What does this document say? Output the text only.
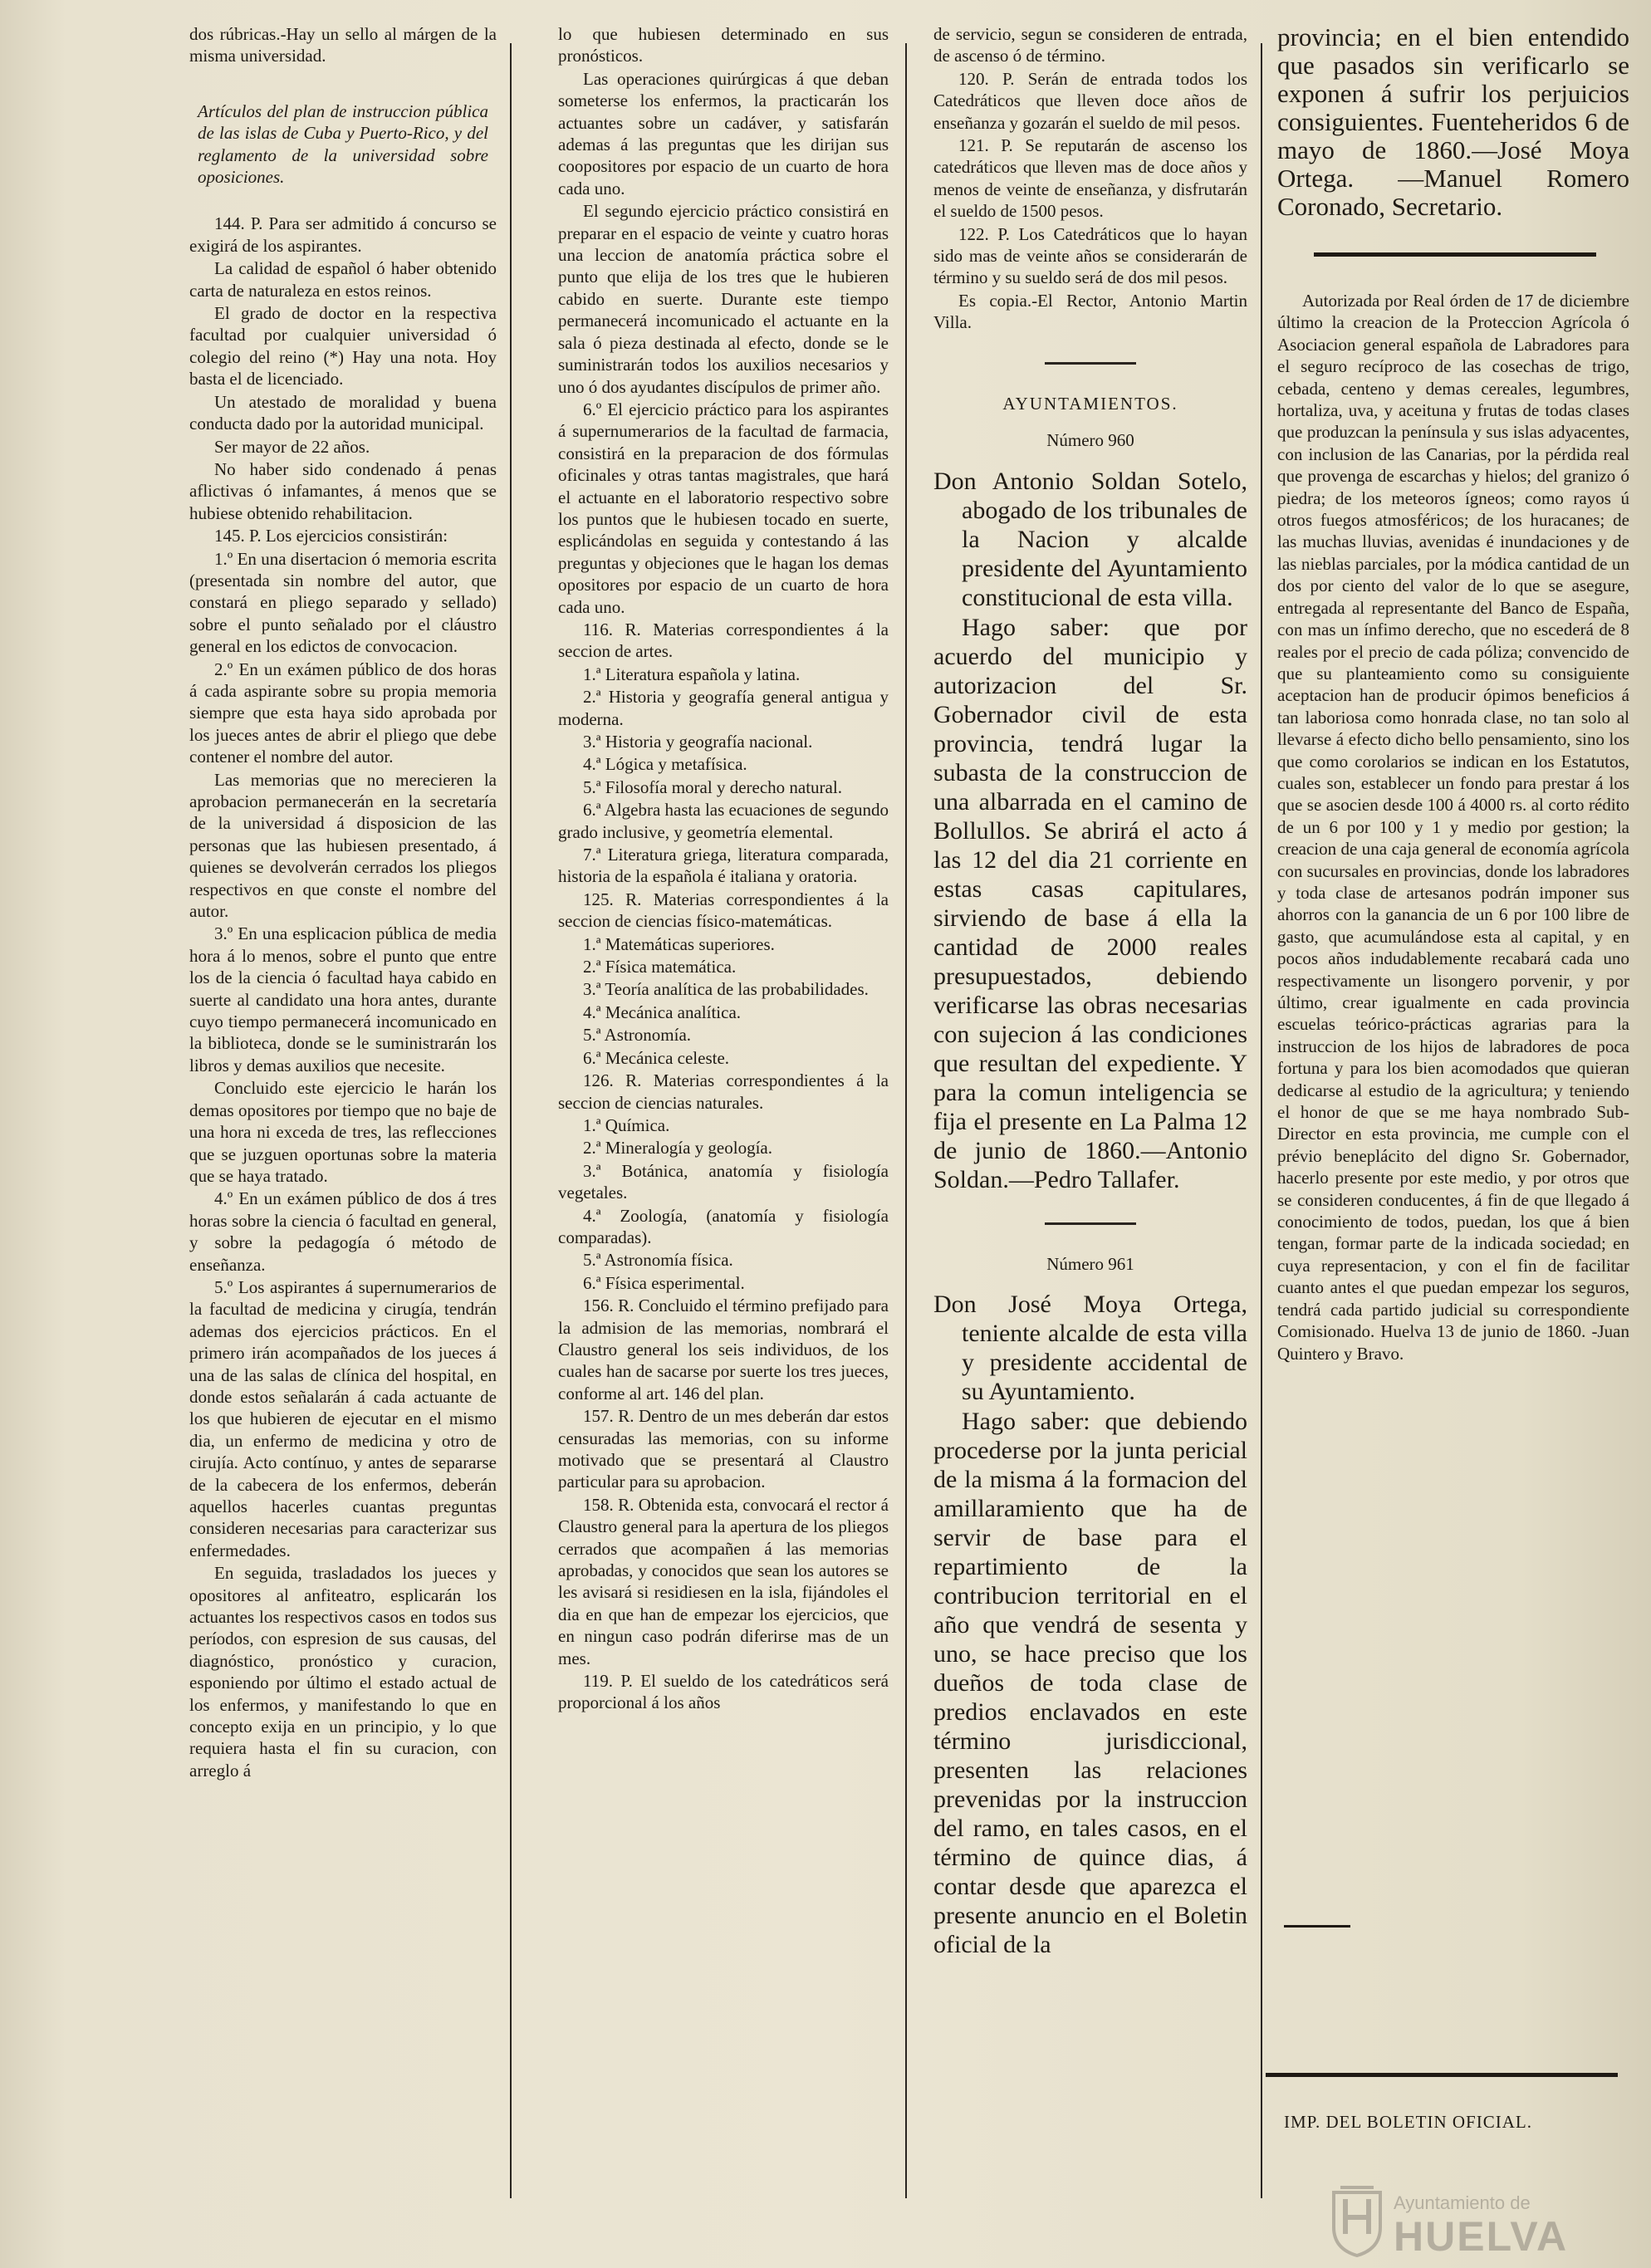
dos rúbricas.-Hay un sello al márgen de la misma universidad.

Artículos del plan de instruccion pública de las islas de Cuba y Puerto-Rico, y del reglamento de la universidad sobre oposiciones.

144. P. Para ser admitido á concurso se exigirá de los aspirantes.

La calidad de español ó haber obtenido carta de naturaleza en estos reinos.

El grado de doctor en la respectiva facultad por cualquier universidad ó colegio del reino (*) Hay una nota. Hoy basta el de licenciado.

Un atestado de moralidad y buena conducta dado por la autoridad municipal.

Ser mayor de 22 años.

No haber sido condenado á penas aflictivas ó infamantes, á menos que se hubiese obtenido rehabilitacion.

145. P. Los ejercicios consistirán:

1.º En una disertacion ó memoria escrita (presentada sin nombre del autor, que constará en pliego separado y sellado) sobre el punto señalado por el cláustro general en los edictos de convocacion.

2.º En un exámen público de dos horas á cada aspirante sobre su propia memoria siempre que esta haya sido aprobada por los jueces antes de abrir el pliego que debe contener el nombre del autor.

Las memorias que no merecieren la aprobacion permanecerán en la secretaría de la universidad á disposicion de las personas que las hubiesen presentado, á quienes se devolverán cerrados los pliegos respectivos en que conste el nombre del autor.

3.º En una esplicacion pública de media hora á lo menos, sobre el punto que entre los de la ciencia ó facultad haya cabido en suerte al candidato una hora antes, durante cuyo tiempo permanecerá incomunicado en la biblioteca, donde se le suministrarán los libros y demas auxilios que necesite.

Concluido este ejercicio le harán los demas opositores por tiempo que no baje de una hora ni exceda de tres, las reflecciones que se juzguen oportunas sobre la materia que se haya tratado.

4.º En un exámen público de dos á tres horas sobre la ciencia ó facultad en general, y sobre la pedagogía ó método de enseñanza.

5.º Los aspirantes á supernumerarios de la facultad de medicina y cirugía, tendrán ademas dos ejercicios prácticos. En el primero irán acompañados de los jueces á una de las salas de clínica del hospital, en donde estos señalarán á cada actuante de los que hubieren de ejecutar en el mismo dia, un enfermo de medicina y otro de cirujía. Acto contínuo, y antes de separarse de la cabecera de los enfermos, deberán aquellos hacerles cuantas preguntas consideren necesarias para caracterizar sus enfermedades.

En seguida, trasladados los jueces y opositores al anfiteatro, esplicarán los actuantes los respectivos casos en todos sus períodos, con espresion de sus causas, del diagnóstico, pronóstico y curacion, esponiendo por último el estado actual de los enfermos, y manifestando lo que en concepto exija en un principio, y lo que requiera hasta el fin su curacion, con arreglo á

lo que hubiesen determinado en sus pronósticos.

Las operaciones quirúrgicas á que deban someterse los enfermos, la practicarán los actuantes sobre un cadáver, y satisfarán ademas á las preguntas que les dirijan sus coopositores por espacio de un cuarto de hora cada uno.

El segundo ejercicio práctico consistirá en preparar en el espacio de veinte y cuatro horas una leccion de anatomía práctica sobre el punto que elija de los tres que le hubieren cabido en suerte. Durante este tiempo permanecerá incomunicado el actuante en la sala ó pieza destinada al efecto, donde se le suministrarán todos los auxilios necesarios y uno ó dos ayudantes discípulos de primer año.

6.º El ejercicio práctico para los aspirantes á supernumerarios de la facultad de farmacia, consistirá en la preparacion de dos fórmulas oficinales y otras tantas magistrales, que hará el actuante en el laboratorio respectivo sobre los puntos que le hubiesen tocado en suerte, esplicándolas en seguida y contestando á las preguntas y objeciones que le hagan los demas opositores por espacio de un cuarto de hora cada uno.

116. R. Materias correspondientes á la seccion de artes.

1.ª Literatura española y latina.

2.ª Historia y geografía general antigua y moderna.

3.ª Historia y geografía nacional.

4.ª Lógica y metafísica.

5.ª Filosofía moral y derecho natural.

6.ª Algebra hasta las ecuaciones de segundo grado inclusive, y geometría elemental.

7.ª Literatura griega, literatura comparada, historia de la española é italiana y oratoria.

125. R. Materias correspondientes á la seccion de ciencias físico-matemáticas.

1.ª Matemáticas superiores.

2.ª Física matemática.

3.ª Teoría analítica de las probabilidades.

4.ª Mecánica analítica.

5.ª Astronomía.

6.ª Mecánica celeste.

126. R. Materias correspondientes á la seccion de ciencias naturales.

1.ª Química.

2.ª Mineralogía y geología.

3.ª Botánica, anatomía y fisiología vegetales.

4.ª Zoología, (anatomía y fisiología comparadas).

5.ª Astronomía física.

6.ª Física esperimental.

156. R. Concluido el término prefijado para la admision de las memorias, nombrará el Claustro general los seis individuos, de los cuales han de sacarse por suerte los tres jueces, conforme al art. 146 del plan.

157. R. Dentro de un mes deberán dar estos censuradas las memorias, con su informe motivado que se presentará al Claustro particular para su aprobacion.

158. R. Obtenida esta, convocará el rector á Claustro general para la apertura de los pliegos cerrados que acompañen á las memorias aprobadas, y conocidos que sean los autores se les avisará si residiesen en la isla, fijándoles el dia en que han de empezar los ejercicios, que en ningun caso podrán diferirse mas de un mes.

119. P. El sueldo de los catedráticos será proporcional á los años

de servicio, segun se consideren de entrada, de ascenso ó de término.

120. P. Serán de entrada todos los Catedráticos que lleven doce años de enseñanza y gozarán el sueldo de mil pesos.

121. P. Se reputarán de ascenso los catedráticos que lleven mas de doce años y menos de veinte de enseñanza, y disfrutarán el sueldo de 1500 pesos.

122. P. Los Catedráticos que lo hayan sido mas de veinte años se considerarán de término y su sueldo será de dos mil pesos.

Es copia.-El Rector, Antonio Martin Villa.

AYUNTAMIENTOS.

Número 960

Don Antonio Soldan Sotelo, abogado de los tribunales de la Nacion y alcalde presidente del Ayuntamiento constitucional de esta villa.

Hago saber: que por acuerdo del municipio y autorizacion del Sr. Gobernador civil de esta provincia, tendrá lugar la subasta de la construccion de una albarrada en el camino de Bollullos. Se abrirá el acto á las 12 del dia 21 corriente en estas casas capitulares, sirviendo de base á ella la cantidad de 2000 reales presupuestados, debiendo verificarse las obras necesarias con sujecion á las condiciones que resultan del expediente. Y para la comun inteligencia se fija el presente en La Palma 12 de junio de 1860.—Antonio Soldan.—Pedro Tallafer.

Número 961

Don José Moya Ortega, teniente alcalde de esta villa y presidente accidental de su Ayuntamiento.

Hago saber: que debiendo procederse por la junta pericial de la misma á la formacion del amillaramiento que ha de servir de base para el repartimiento de la contribucion territorial en el año que vendrá de sesenta y uno, se hace preciso que los dueños de toda clase de predios enclavados en este término jurisdiccional, presenten las relaciones prevenidas por la instruccion del ramo, en tales casos, en el término de quince dias, á contar desde que aparezca el presente anuncio en el Boletin oficial de la

provincia; en el bien entendido que pasados sin verificarlo se exponen á sufrir los perjuicios consiguientes. Fuenteheridos 6 de mayo de 1860.—José Moya Ortega. —Manuel Romero Coronado, Secretario.

Autorizada por Real órden de 17 de diciembre último la creacion de la Proteccion Agrícola ó Asociacion general española de Labradores para el seguro recíproco de las cosechas de trigo, cebada, centeno y demas cereales, legumbres, hortaliza, uva, y aceituna y frutas de todas clases que produzcan la península y sus islas adyacentes, con inclusion de las Canarias, por la pérdida real que provenga de escarchas y hielos; del granizo ó piedra; de los meteoros ígneos; como rayos ú otros fuegos atmosféricos; de los huracanes; de las muchas lluvias, avenidas é inundaciones y de las nieblas parciales, por la módica cantidad de un dos por ciento del valor de lo que se asegure, entregada al representante del Banco de España, con mas un ínfimo derecho, que no escederá de 8 reales por el precio de cada póliza; convencido de que su planteamiento como su consiguiente aceptacion han de producir ópimos beneficios á tan laboriosa como honrada clase, no tan solo al llevarse á efecto dicho bello pensamiento, sino los que como corolarios se indican en los Estatutos, cuales son, establecer un fondo para prestar á los que se asocien desde 100 á 4000 rs. al corto rédito de un 6 por 100 y 1 y medio por gestion; la creacion de una caja general de economía agrícola con sucursales en provincias, donde los labradores y toda clase de artesanos podrán imponer sus ahorros con la ganancia de un 6 por 100 libre de gasto, que acumulándose esta al capital, y en pocos años indudablemente recabará cada uno respectivamente un lisongero porvenir, y por último, crear igualmente en cada provincia escuelas teórico-prácticas agrarias para la instruccion de los hijos de labradores de poca fortuna y para los bien acomodados que quieran dedicarse al estudio de la agricultura; y teniendo el honor de que se me haya nombrado Sub-Director en esta provincia, me cumple con el prévio beneplácito del digno Sr. Gobernador, hacerlo presente por este medio, y por otros que se consideren conducentes, á fin de que llegado á conocimiento de todos, puedan, los que á bien tengan, formar parte de la indicada sociedad; en cuya representacion, y con el fin de facilitar cuanto antes el que puedan empezar los seguros, tendrá cada partido judicial su correspondiente Comisionado. Huelva 13 de junio de 1860. -Juan Quintero y Bravo.

IMP. DEL BOLETIN OFICIAL.
Ayuntamiento de
HUELVA
